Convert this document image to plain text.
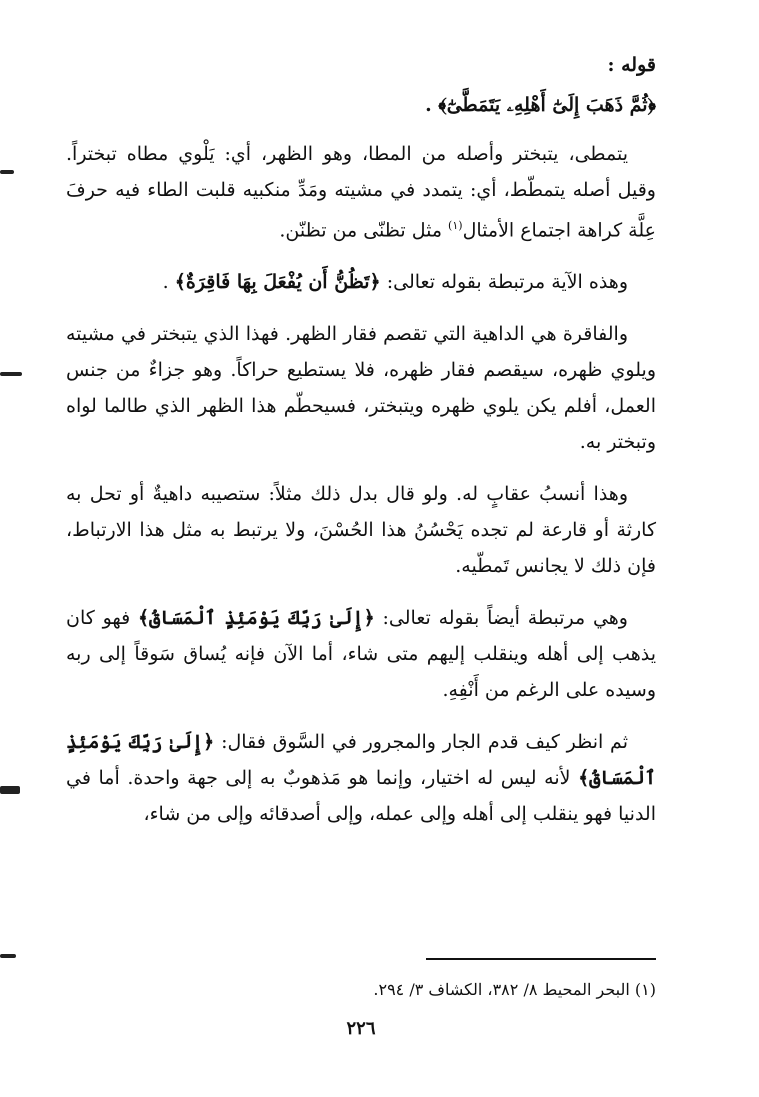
قوله :
﴿ثُمَّ ذَهَبَ إِلَىٰٓ أَهْلِهِۦ يَتَمَطَّىٰٓ﴾ .

يتمطى، يتبختر وأصله من المطا، وهو الظهر، أي: يَلْوي مطاه تبختراً. وقيل أصله يتمطّط، أي: يتمدد في مشيته ومَدِّ منكبيه قلبت الطاء فيه حرفَ عِلَّة كراهة اجتماع الأمثال$^{(١)}$ مثل تظنّى من تظنّن.

وهذه الآية مرتبطة بقوله تعالى: ﴿تَظُنُّ أَن يُفْعَلَ بِهَا فَاقِرَةٌ﴾ .

والفاقرة هي الداهية التي تقصم فقار الظهر. فهذا الذي يتبختر في مشيته ويلوي ظهره، سيقصم فقار ظهره، فلا يستطيع حراكاً. وهو جزاءٌ من جنس العمل، أفلم يكن يلوي ظهره ويتبختر، فسيحطّم هذا الظهر الذي طالما لواه وتبختر به.

وهذا أنسبُ عقابٍ له. ولو قال بدل ذلك مثلاً: ستصيبه داهيةٌ أو تحل به كارثة أو قارعة لم تجده يَحْسُنُ هذا الحُسْنَ، ولا يرتبط به مثل هذا الارتباط، فإن ذلك لا يجانس تَمطّيه.

وهي مرتبطة أيضاً بقوله تعالى: ﴿إِلَىٰ رَبِّكَ يَوْمَئِذٍ ٱلْمَسَاقُ﴾ فهو كان يذهب إلى أهله وينقلب إليهم متى شاء، أما الآن فإنه يُساق سَوقاً إلى ربه وسيده على الرغم من أَنْفِهِ.

ثم انظر كيف قدم الجار والمجرور في السَّوق فقال: ﴿إِلَىٰ رَبِّكَ يَوْمَئِذٍ ٱلْمَسَاقُ﴾ لأنه ليس له اختيار، وإنما هو مَذهوبٌ به إلى جهة واحدة. أما في الدنيا فهو ينقلب إلى أهله وإلى عمله، وإلى أصدقائه وإلى من شاء،

(١) البحر المحيط ٨/ ٣٨٢، الكشاف ٣/ ٢٩٤.
٢٢٦
